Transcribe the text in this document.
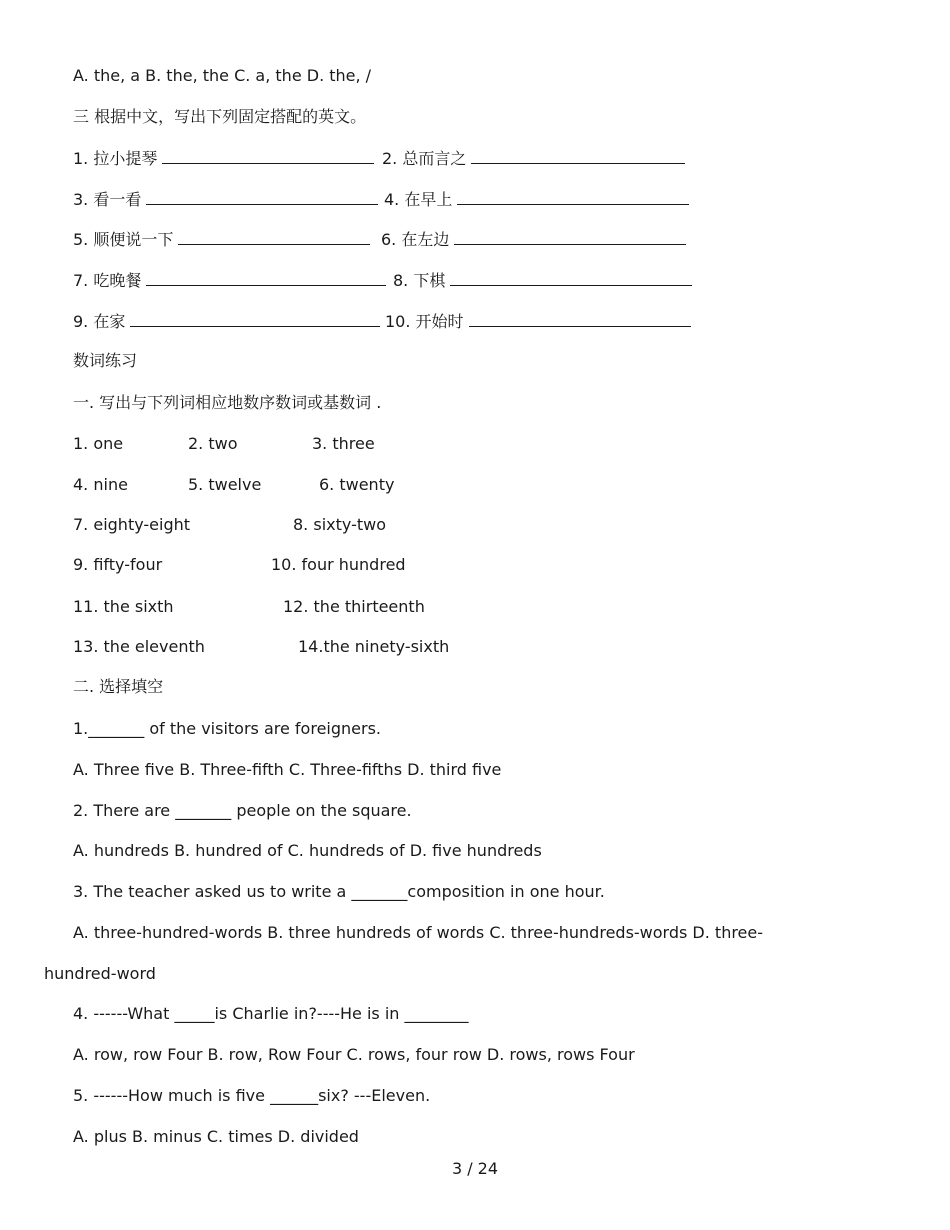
A. the, a B. the, the C. a, the D. the, /
三 根据中文，写出下列固定搭配的英文。
1. 拉小提琴	2. 总而言之
3. 看一看	4. 在早上
5. 顺便说一下	6. 在左边
7. 吃晚餐	8. 下棋
9. 在家	10. 开始时
数词练习
一. 写出与下列词相应地数序数词或基数词 .
1. one	2. two	3. three
4. nine	5. twelve	6. twenty
7. eighty-eight	8. sixty-two
9. fifty-four	10. four hundred
11. the sixth	12. the thirteenth
13. the eleventh	14.the ninety-sixth
二. 选择填空
1._______ of the visitors are foreigners.
A. Three five B. Three-fifth C. Three-fifths D. third five
2. There are _______ people on the square.
A. hundreds B. hundred of C. hundreds of D. five hundreds
3. The teacher asked us to write a _______composition in one hour.
A. three-hundred-words B. three hundreds of words C. three-hundreds-words D. three-
hundred-word
4. ------What _____is Charlie in?----He is in ________
A. row, row Four B. row, Row Four C. rows, four row D. rows, rows Four
5. ------How much is five ______six? ---Eleven.
A. plus B. minus C. times D. divided
3 / 24
